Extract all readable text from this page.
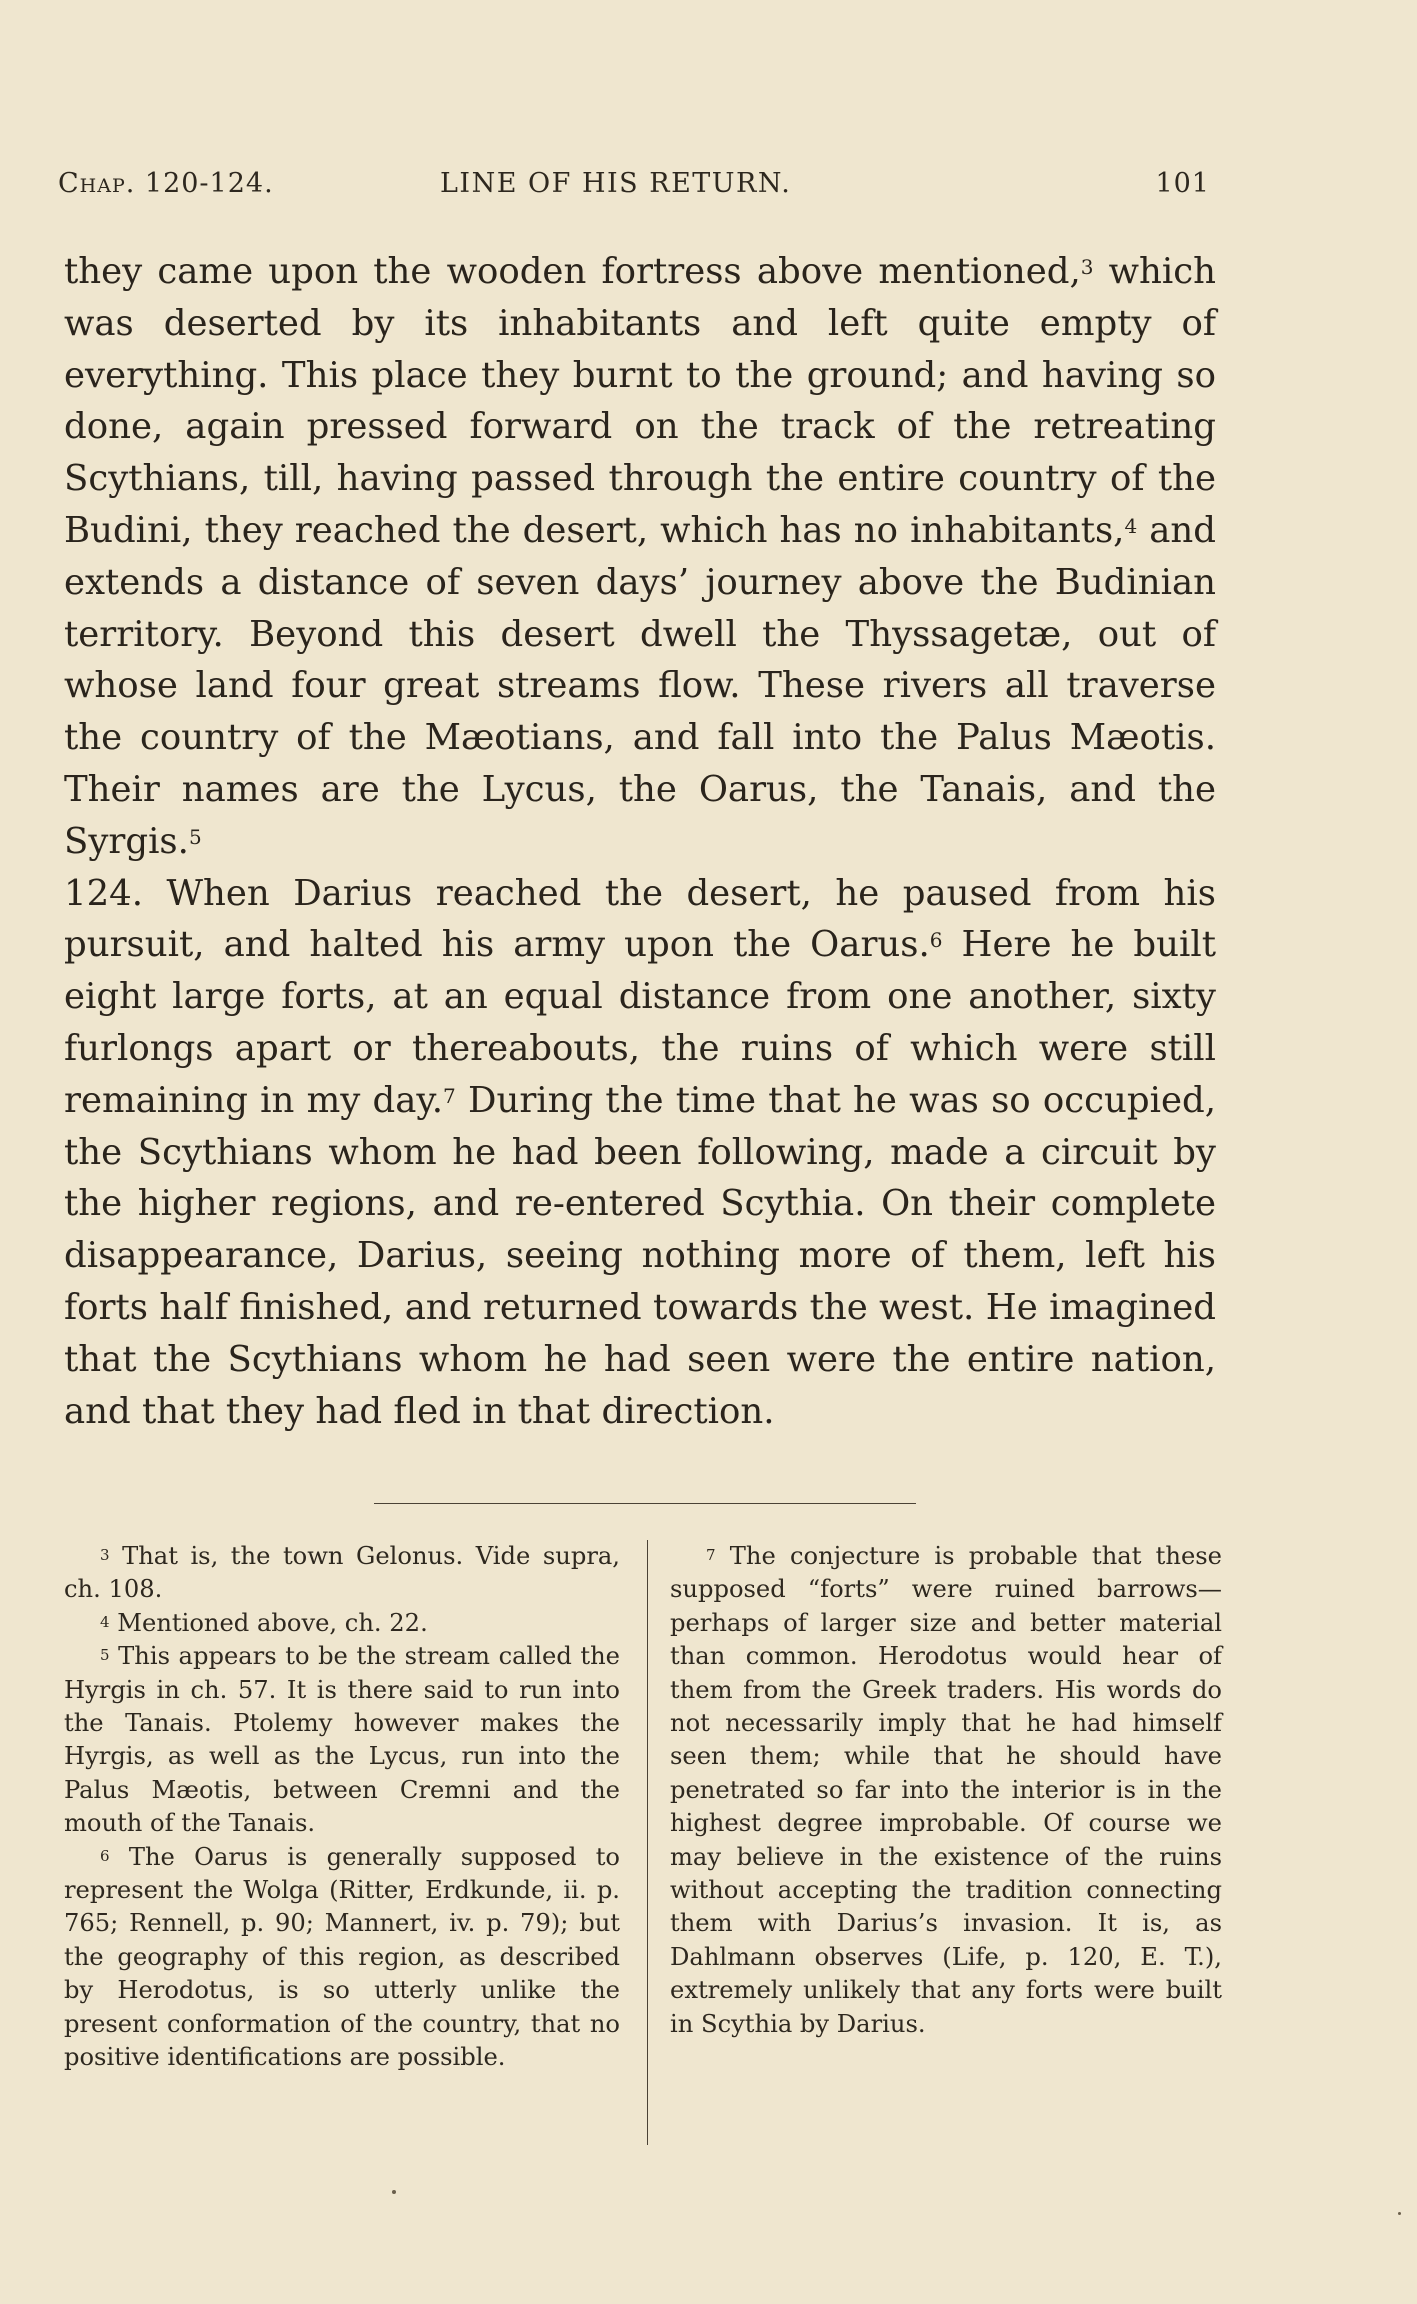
Chap. 120-124.	LINE OF HIS RETURN.	101

they came upon the wooden fortress above mentioned,$^3$ which was deserted by its inhabitants and left quite empty of everything. This place they burnt to the ground; and having so done, again pressed forward on the track of the retreating Scythians, till, having passed through the entire country of the Budini, they reached the desert, which has no inhabitants,$^4$ and extends a distance of seven days’ journey above the Budinian territory. Beyond this desert dwell the Thyssagetæ, out of whose land four great streams flow. These rivers all traverse the country of the Mæotians, and fall into the Palus Mæotis. Their names are the Lycus, the Oarus, the Tanais, and the Syrgis.$^5$

124. When Darius reached the desert, he paused from his pursuit, and halted his army upon the Oarus.$^6$ Here he built eight large forts, at an equal distance from one another, sixty furlongs apart or thereabouts, the ruins of which were still remaining in my day.$^7$ During the time that he was so occupied, the Scythians whom he had been following, made a circuit by the higher regions, and re-entered Scythia. On their complete disappearance, Darius, seeing nothing more of them, left his forts half finished, and returned towards the west. He imagined that the Scythians whom he had seen were the entire nation, and that they had fled in that direction.

$^3$ That is, the town Gelonus. Vide supra, ch. 108.

$^4$ Mentioned above, ch. 22.

$^5$ This appears to be the stream called the Hyrgis in ch. 57. It is there said to run into the Tanais. Ptolemy however makes the Hyrgis, as well as the Lycus, run into the Palus Mæotis, between Cremni and the mouth of the Tanais.

$^6$ The Oarus is generally supposed to represent the Wolga (Ritter, Erdkunde, ii. p. 765; Rennell, p. 90; Mannert, iv. p. 79); but the geography of this region, as described by Herodotus, is so utterly unlike the present conformation of the country, that no positive identifications are possible.

$^7$ The conjecture is probable that these supposed “forts” were ruined barrows—perhaps of larger size and better material than common. Herodotus would hear of them from the Greek traders. His words do not necessarily imply that he had himself seen them; while that he should have penetrated so far into the interior is in the highest degree improbable. Of course we may believe in the existence of the ruins without accepting the tradition connecting them with Darius’s invasion. It is, as Dahlmann observes (Life, p. 120, E. T.), extremely unlikely that any forts were built in Scythia by Darius.
